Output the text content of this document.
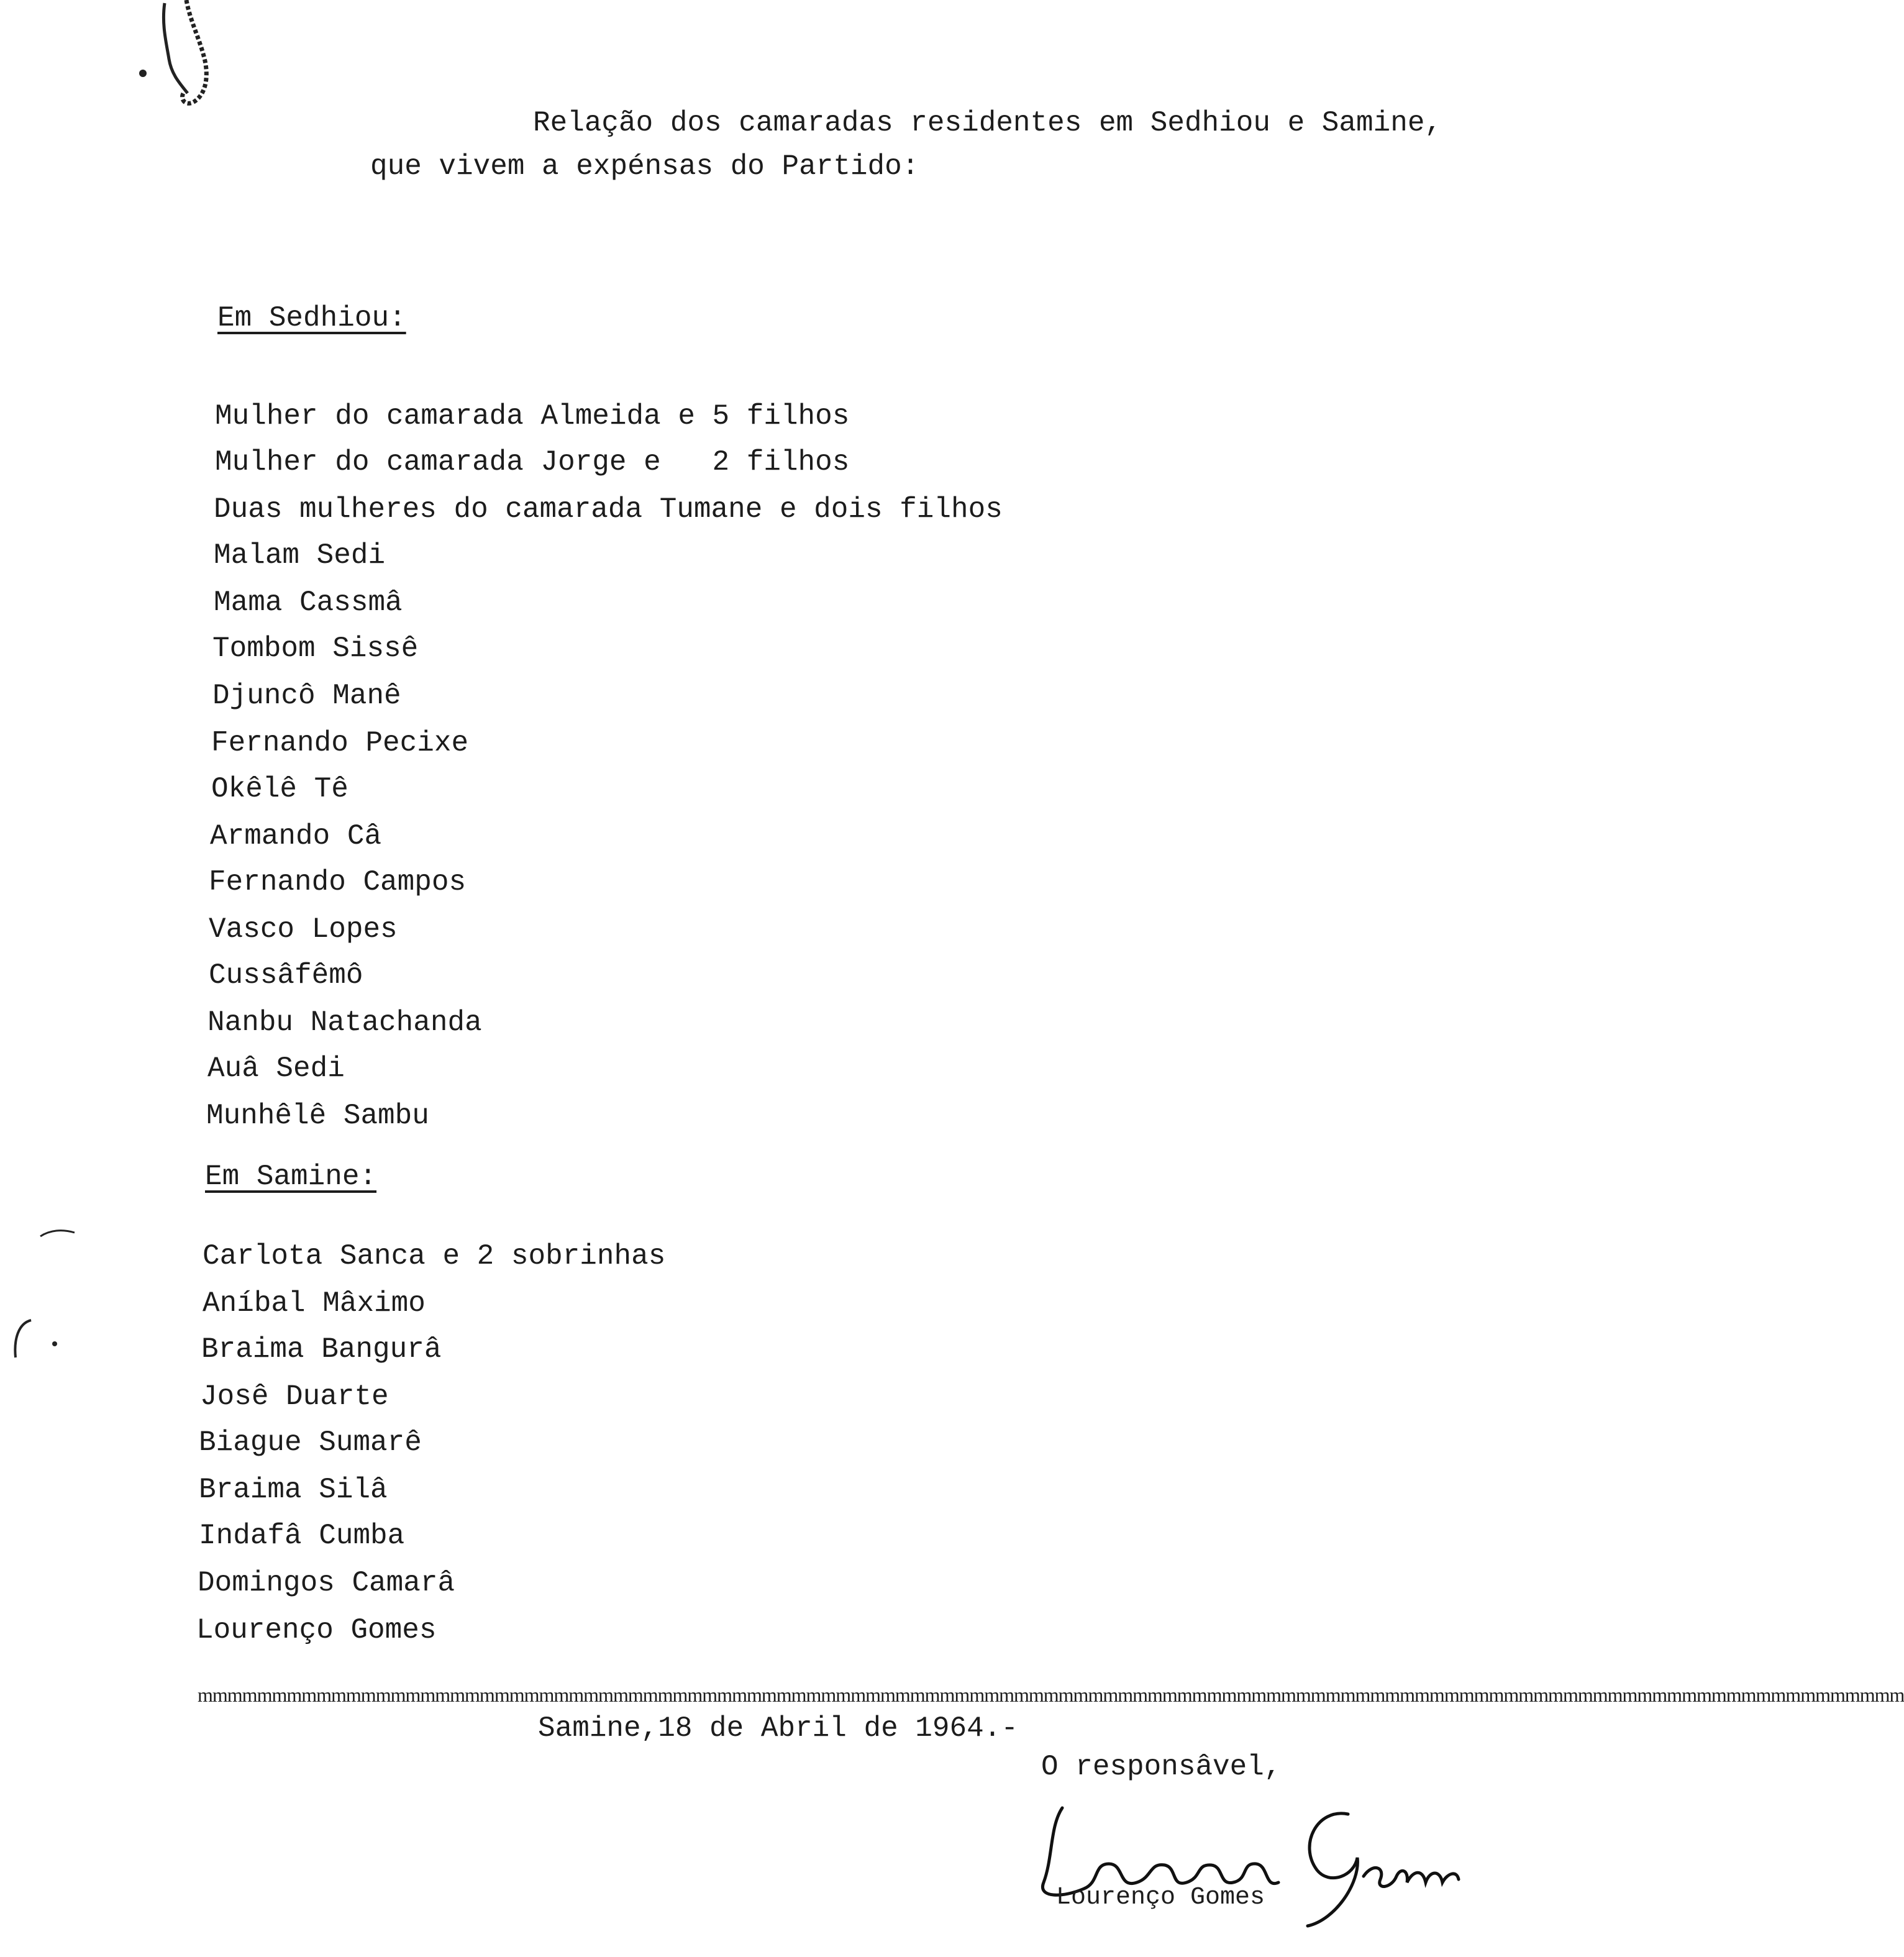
Relação dos camaradas residentes em Sedhiou e Samine,
que vivem a expénsas do Partido:
Em Sedhiou:
Mulher do camarada Almeida e 5 filhos
Mulher do camarada Jorge e   2 filhos
Duas mulheres do camarada Tumane e dois filhos
Malam Sedi
Mama Cassmâ
Tombom Sissê
Djuncô Manê
Fernando Pecixe
Okêlê Tê
Armando Câ
Fernando Campos
Vasco Lopes
Cussâfêmô
Nanbu Natachanda
Auâ Sedi
Munhêlê Sambu
Em Samine:
Carlota Sanca e 2 sobrinhas
Aníbal Mâximo
Braima Bangurâ
Josê Duarte
Biague Sumarê
Braima Silâ
Indafâ Cumba
Domingos Camarâ
Lourenço Gomes
mmmmmmmmmmmmmmmmmmmmmmmmmmmmmmmmmmmmmmmmmmmmmmmmmmmmmmmmmmmmmmmmmmmmmmmmmmmmmmmmmmmmmmmmmmmmmmmmmmmmmmmmmmmmmmmmmmm
Samine,18 de Abril de 1964.-
O responsâvel,
Lourenço Gomes
